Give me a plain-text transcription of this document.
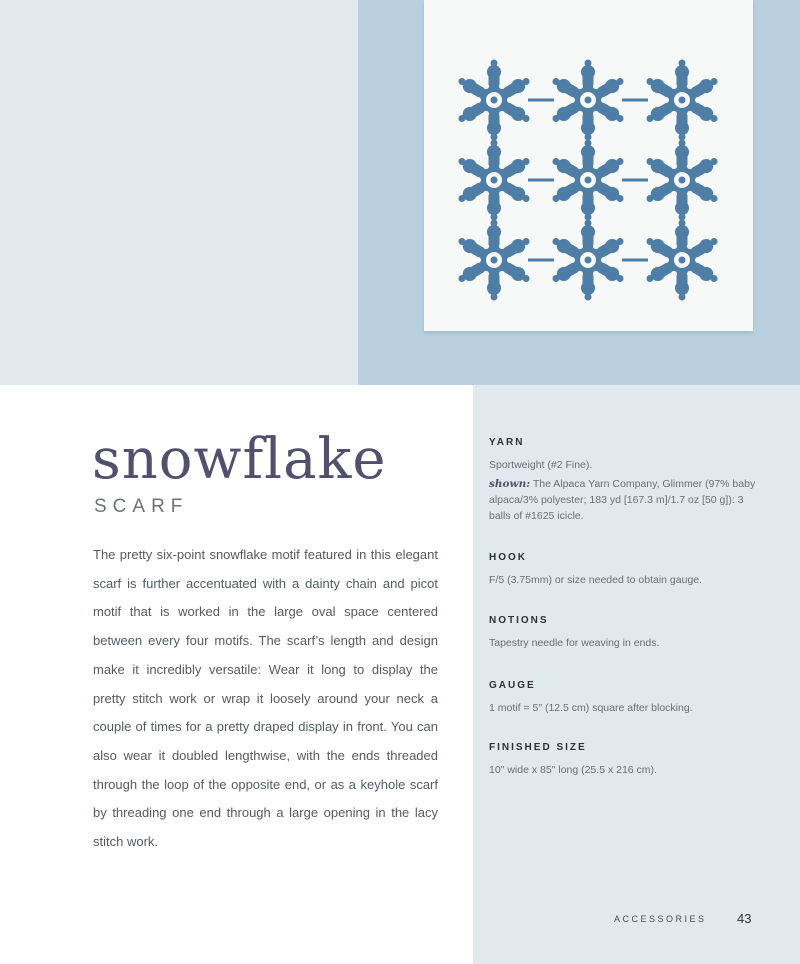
snowflake
SCARF

The pretty six-point snowflake motif featured in this elegant scarf is further accentuated with a dainty chain and picot motif that is worked in the large oval space centered between every four motifs. The scarf’s length and design make it incredibly versatile: Wear it long to display the pretty stitch work or wrap it loosely around your neck a couple of times for a pretty draped display in front. You can also wear it doubled lengthwise, with the ends threaded through the loop of the opposite end, or as a keyhole scarf by threading one end through a large opening in the lacy stitch work.

YARN

Sportweight (#2 Fine).

shown: The Alpaca Yarn Company, Glimmer (97% baby alpaca/3% polyester; 183 yd [167.3 m]/1.7 oz [50 g]): 3 balls of #1625 icicle.

HOOK

F/5 (3.75mm) or size needed to obtain gauge.

NOTIONS

Tapestry needle for weaving in ends.

GAUGE

1 motif = 5" (12.5 cm) square after blocking.

FINISHED SIZE

10" wide x 85" long (25.5 x 216 cm).

ACCESSORIES 43
